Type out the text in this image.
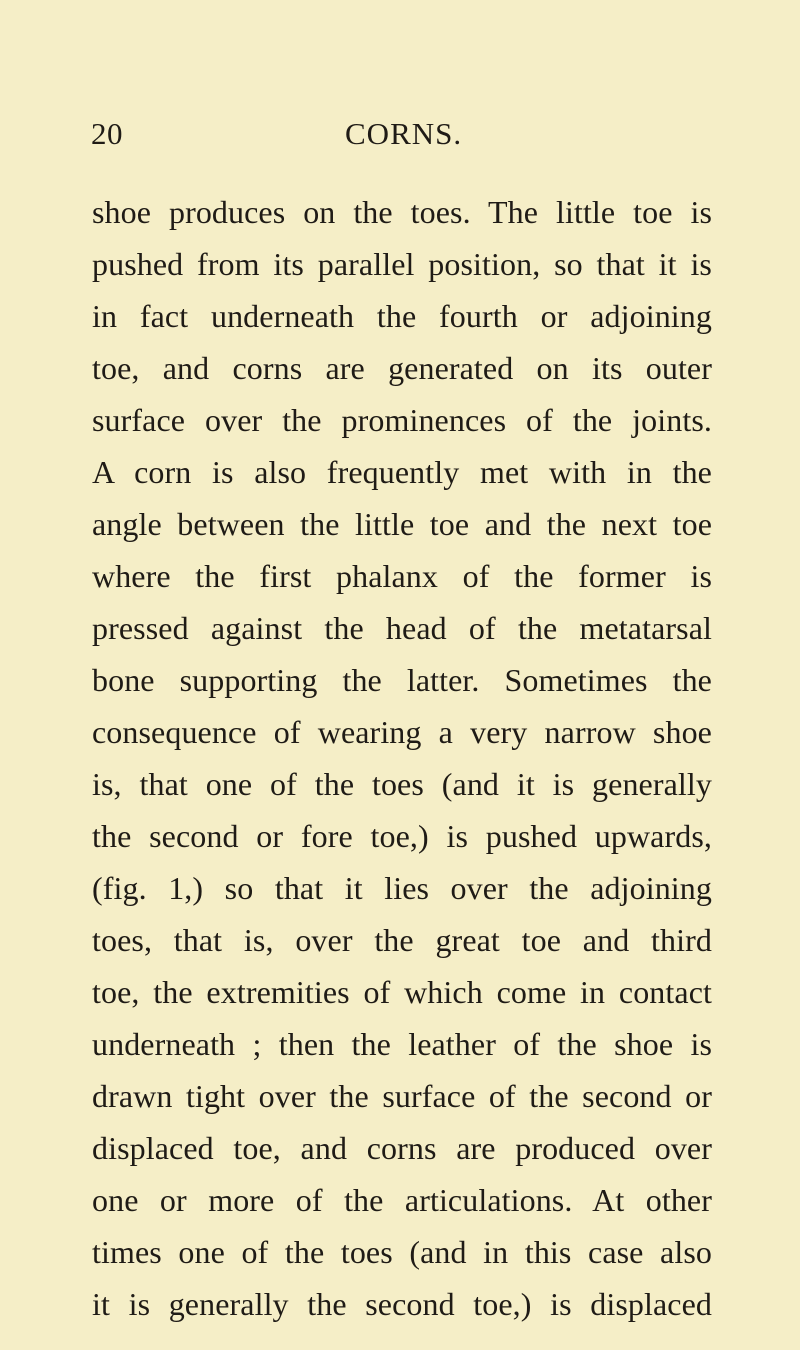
20	CORNS.
shoe produces on the toes. The little toe is
pushed from its parallel position, so that it is
in fact underneath the fourth or adjoining
toe, and corns are generated on its outer
surface over the prominences of the joints.
A corn is also frequently met with in the
angle between the little toe and the next toe
where the first phalanx of the former is
pressed against the head of the metatarsal
bone supporting the latter. Sometimes the
consequence of wearing a very narrow shoe
is, that one of the toes (and it is generally
the second or fore toe,) is pushed upwards,
(fig. 1,) so that it lies over the adjoining
toes, that is, over the great toe and third
toe, the extremities of which come in contact
underneath ; then the leather of the shoe is
drawn tight over the surface of the second or
displaced toe, and corns are produced over
one or more of the articulations. At other
times one of the toes (and in this case also
it is generally the second toe,) is displaced
